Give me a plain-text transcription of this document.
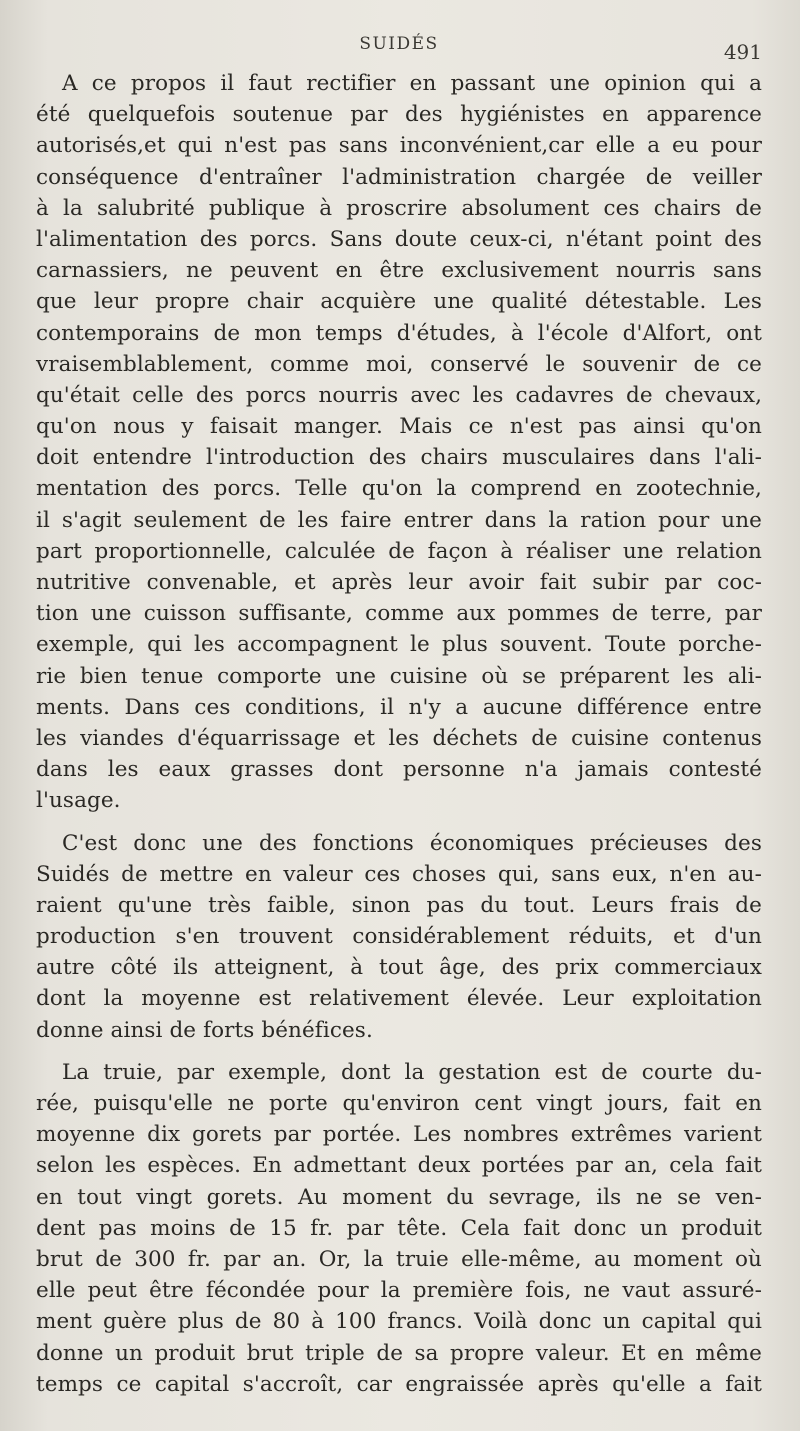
SUIDÉS	491
A ce propos il faut rectifier en passant une opinion qui a
été quelquefois soutenue par des hygiénistes en apparence
autorisés,et qui n'est pas sans inconvénient,car elle a eu pour
conséquence d'entraîner l'administration chargée de veiller
à la salubrité publique à proscrire absolument ces chairs de
l'alimentation des porcs. Sans doute ceux-ci, n'étant point des
carnassiers, ne peuvent en être exclusivement nourris sans
que leur propre chair acquière une qualité détestable. Les
contemporains de mon temps d'études, à l'école d'Alfort, ont
vraisemblablement, comme moi, conservé le souvenir de ce
qu'était celle des porcs nourris avec les cadavres de chevaux,
qu'on nous y faisait manger. Mais ce n'est pas ainsi qu'on
doit entendre l'introduction des chairs musculaires dans l'ali-
mentation des porcs. Telle qu'on la comprend en zootechnie,
il s'agit seulement de les faire entrer dans la ration pour une
part proportionnelle, calculée de façon à réaliser une relation
nutritive convenable, et après leur avoir fait subir par coc-
tion une cuisson suffisante, comme aux pommes de terre, par
exemple, qui les accompagnent le plus souvent. Toute porche-
rie bien tenue comporte une cuisine où se préparent les ali-
ments. Dans ces conditions, il n'y a aucune différence entre
les viandes d'équarrissage et les déchets de cuisine contenus
dans les eaux grasses dont personne n'a jamais contesté
l'usage.
C'est donc une des fonctions économiques précieuses des
Suidés de mettre en valeur ces choses qui, sans eux, n'en au-
raient qu'une très faible, sinon pas du tout. Leurs frais de
production s'en trouvent considérablement réduits, et d'un
autre côté ils atteignent, à tout âge, des prix commerciaux
dont la moyenne est relativement élevée. Leur exploitation
donne ainsi de forts bénéfices.
La truie, par exemple, dont la gestation est de courte du-
rée, puisqu'elle ne porte qu'environ cent vingt jours, fait en
moyenne dix gorets par portée. Les nombres extrêmes varient
selon les espèces. En admettant deux portées par an, cela fait
en tout vingt gorets. Au moment du sevrage, ils ne se ven-
dent pas moins de 15 fr. par tête. Cela fait donc un produit
brut de 300 fr. par an. Or, la truie elle-même, au moment où
elle peut être fécondée pour la première fois, ne vaut assuré-
ment guère plus de 80 à 100 francs. Voilà donc un capital qui
donne un produit brut triple de sa propre valeur. Et en même
temps ce capital s'accroît, car engraissée après qu'elle a fait
